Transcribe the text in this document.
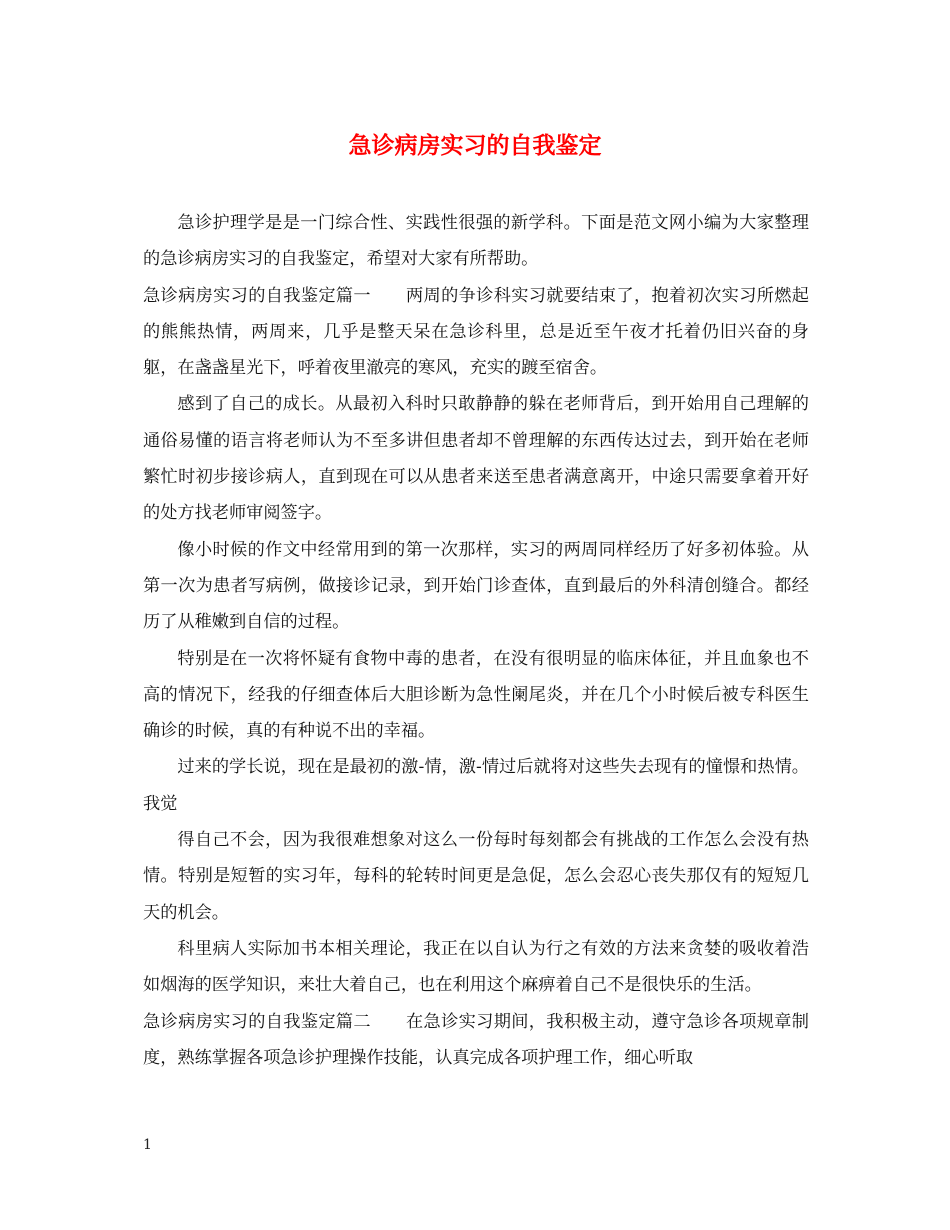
急诊病房实习的自我鉴定

急诊护理学是是一门综合性、实践性很强的新学科。下面是范文网小编为大家整理的急诊病房实习的自我鉴定，希望对大家有所帮助。

急诊病房实习的自我鉴定篇一　　两周的争诊科实习就要结束了，抱着初次实习所燃起的熊熊热情，两周来，几乎是整天呆在急诊科里，总是近至午夜才托着仍旧兴奋的身躯，在盏盏星光下，呼着夜里澈亮的寒风，充实的踱至宿舍。

感到了自己的成长。从最初入科时只敢静静的躲在老师背后，到开始用自己理解的通俗易懂的语言将老师认为不至多讲但患者却不曾理解的东西传达过去，到开始在老师繁忙时初步接诊病人，直到现在可以从患者来送至患者满意离开，中途只需要拿着开好的处方找老师审阅签字。

像小时候的作文中经常用到的第一次那样，实习的两周同样经历了好多初体验。从第一次为患者写病例，做接诊记录，到开始门诊查体，直到最后的外科清创缝合。都经历了从稚嫩到自信的过程。

特别是在一次将怀疑有食物中毒的患者，在没有很明显的临床体征，并且血象也不高的情况下，经我的仔细查体后大胆诊断为急性阑尾炎，并在几个小时候后被专科医生确诊的时候，真的有种说不出的幸福。

过来的学长说，现在是最初的激-情，激-情过后就将对这些失去现有的憧憬和热情。我觉

得自己不会，因为我很难想象对这么一份每时每刻都会有挑战的工作怎么会没有热情。特别是短暂的实习年，每科的轮转时间更是急促，怎么会忍心丧失那仅有的短短几天的机会。

科里病人实际加书本相关理论，我正在以自认为行之有效的方法来贪婪的吸收着浩如烟海的医学知识，来壮大着自己，也在利用这个麻痹着自己不是很快乐的生活。

急诊病房实习的自我鉴定篇二　　在急诊实习期间，我积极主动，遵守急诊各项规章制度，熟练掌握各项急诊护理操作技能，认真完成各项护理工作，细心听取

1
